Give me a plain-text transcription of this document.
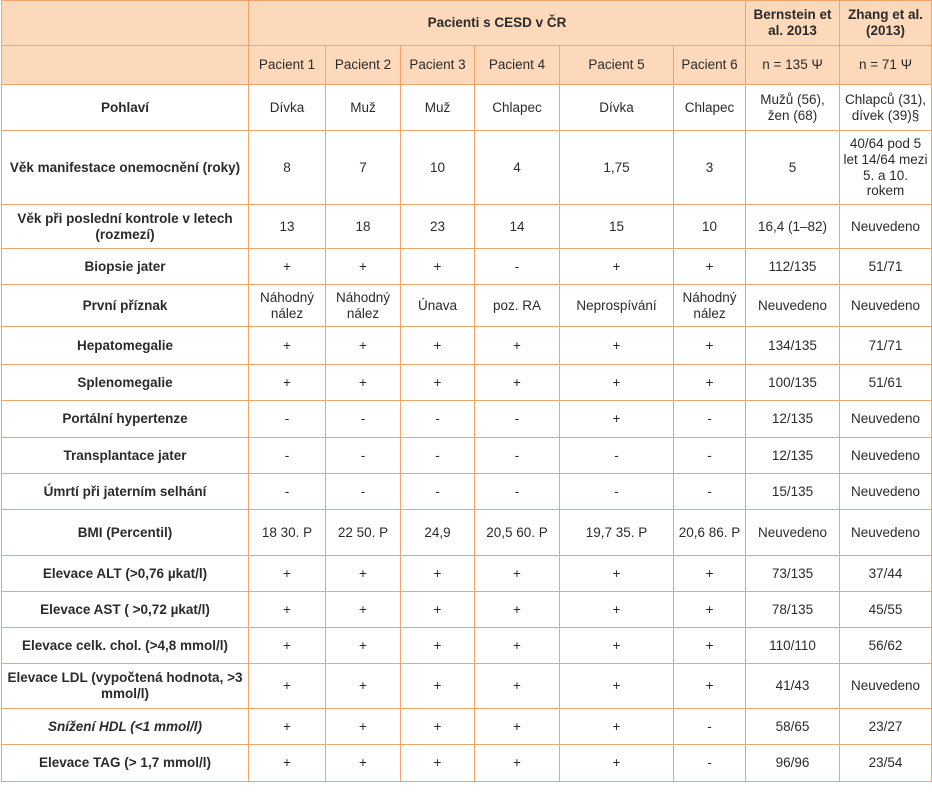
	Pacienti s CESD v ČR						Bernstein et al. 2013	Zhang et al. (2013)
	Pacient 1	Pacient 2	Pacient 3	Pacient 4	Pacient 5	Pacient 6	n = 135 Ψ	n = 71 Ψ
Pohlaví	Dívka	Muž	Muž	Chlapec	Dívka	Chlapec	Mužů (56), žen (68)	Chlapců (31), dívek (39)§
Věk manifestace onemocnění (roky)	8	7	10	4	1,75	3	5	40/64 pod 5 let 14/64 mezi 5. a 10. rokem
Věk při poslední kontrole v letech (rozmezí)	13	18	23	14	15	10	16,4 (1–82)	Neuvedeno
Biopsie jater	+	+	+	-	+	+	112/135	51/71
První příznak	Náhodný nález	Náhodný nález	Únava	poz. RA	Neprospívání	Náhodný nález	Neuvedeno	Neuvedeno
Hepatomegalie	+	+	+	+	+	+	134/135	71/71
Splenomegalie	+	+	+	+	+	+	100/135	51/61
Portální hypertenze	-	-	-	-	+	-	12/135	Neuvedeno
Transplantace jater	-	-	-	-	-	-	12/135	Neuvedeno
Úmrtí při jaterním selhání	-	-	-	-	-	-	15/135	Neuvedeno
BMI (Percentil)	18 30. P	22 50. P	24,9	20,5 60. P	19,7 35. P	20,6 86. P	Neuvedeno	Neuvedeno
Elevace ALT (>0,76 µkat/l)	+	+	+	+	+	+	73/135	37/44
Elevace AST ( >0,72 µkat/l)	+	+	+	+	+	+	78/135	45/55
Elevace celk. chol. (>4,8 mmol/l)	+	+	+	+	+	+	110/110	56/62
Elevace LDL (vypočtená hodnota, >3 mmol/l)	+	+	+	+	+	+	41/43	Neuvedeno
Snížení HDL (<1 mmol/l)	+	+	+	+	+	-	58/65	23/27
Elevace TAG (> 1,7 mmol/l)	+	+	+	+	+	-	96/96	23/54
